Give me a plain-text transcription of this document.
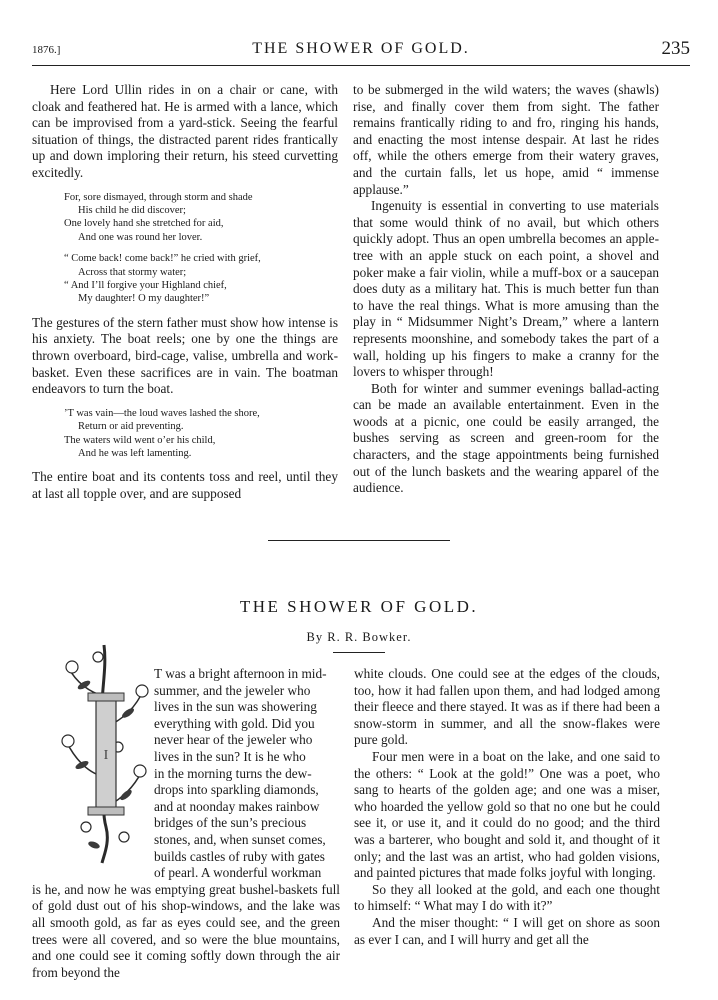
1876.]	THE SHOWER OF GOLD.	235

Here Lord Ullin rides in on a chair or cane, with cloak and feathered hat. He is armed with a lance, which can be improvised from a yard-stick. Seeing the fearful situation of things, the distracted parent rides frantically up and down imploring their return, his steed curvetting excitedly.

For, sore dismayed, through storm and shade
His child he did discover;
One lovely hand she stretched for aid,
And one was round her lover.
“ Come back! come back!” he cried with grief,
Across that stormy water;
“ And I’ll forgive your Highland chief,
My daughter! O my daughter!”

The gestures of the stern father must show how intense is his anxiety. The boat reels; one by one the things are thrown overboard, bird-cage, valise, umbrella and work-basket. Even these sacrifices are in vain. The boatman endeavors to turn the boat.

’T was vain—the loud waves lashed the shore,
Return or aid preventing.
The waters wild went o’er his child,
And he was left lamenting.

The entire boat and its contents toss and reel, until they at last all topple over, and are supposed

to be submerged in the wild waters; the waves (shawls) rise, and finally cover them from sight. The father remains frantically riding to and fro, ringing his hands, and enacting the most intense despair. At last he rides off, while the others emerge from their watery graves, and the curtain falls, let us hope, amid “ immense applause.”

Ingenuity is essential in converting to use materials that some would think of no avail, but which others quickly adopt. Thus an open umbrella becomes an apple-tree with an apple stuck on each point, a shovel and poker make a fair violin, while a muff-box or a saucepan does duty as a military hat. This is much better fun than to have the real things. What is more amusing than the play in “ Midsummer Night’s Dream,” where a lantern represents moonshine, and somebody takes the part of a wall, holding up his fingers to make a cranny for the lovers to whisper through!

Both for winter and summer evenings ballad-acting can be made an available entertainment. Even in the woods at a picnic, one could be easily arranged, the bushes serving as screen and green-room for the characters, and the stage appointments being furnished out of the lunch baskets and the wearing apparel of the audience.

THE SHOWER OF GOLD.
By R. R. Bowker.
I
T was a bright afternoon in mid-
summer, and the jeweler who
lives in the sun was showering
everything with gold. Did you
never hear of the jeweler who
lives in the sun? It is he who
in the morning turns the dew-
drops into sparkling diamonds,
and at noonday makes rainbow
bridges of the sun’s precious
stones, and, when sunset comes,
builds castles of ruby with gates
of pearl. A wonderful workman

is he, and now he was emptying great bushel-baskets full of gold dust out of his shop-windows, and the lake was all smooth gold, as far as eyes could see, and the green trees were all covered, and so were the blue mountains, and one could see it coming softly down through the air from beyond the

white clouds. One could see at the edges of the clouds, too, how it had fallen upon them, and had lodged among their fleece and there stayed. It was as if there had been a snow-storm in summer, and all the snow-flakes were pure gold.

Four men were in a boat on the lake, and one said to the others: “ Look at the gold!” One was a poet, who sang to hearts of the golden age; and one was a miser, who hoarded the yellow gold so that no one but he could see it, or use it, and it could do no good; and the third was a barterer, who bought and sold it, and thought of it only; and the last was an artist, who had golden visions, and painted pictures that made folks joyful with longing.

So they all looked at the gold, and each one thought to himself: “ What may I do with it?”

And the miser thought: “ I will get on shore as soon as ever I can, and I will hurry and get all the
